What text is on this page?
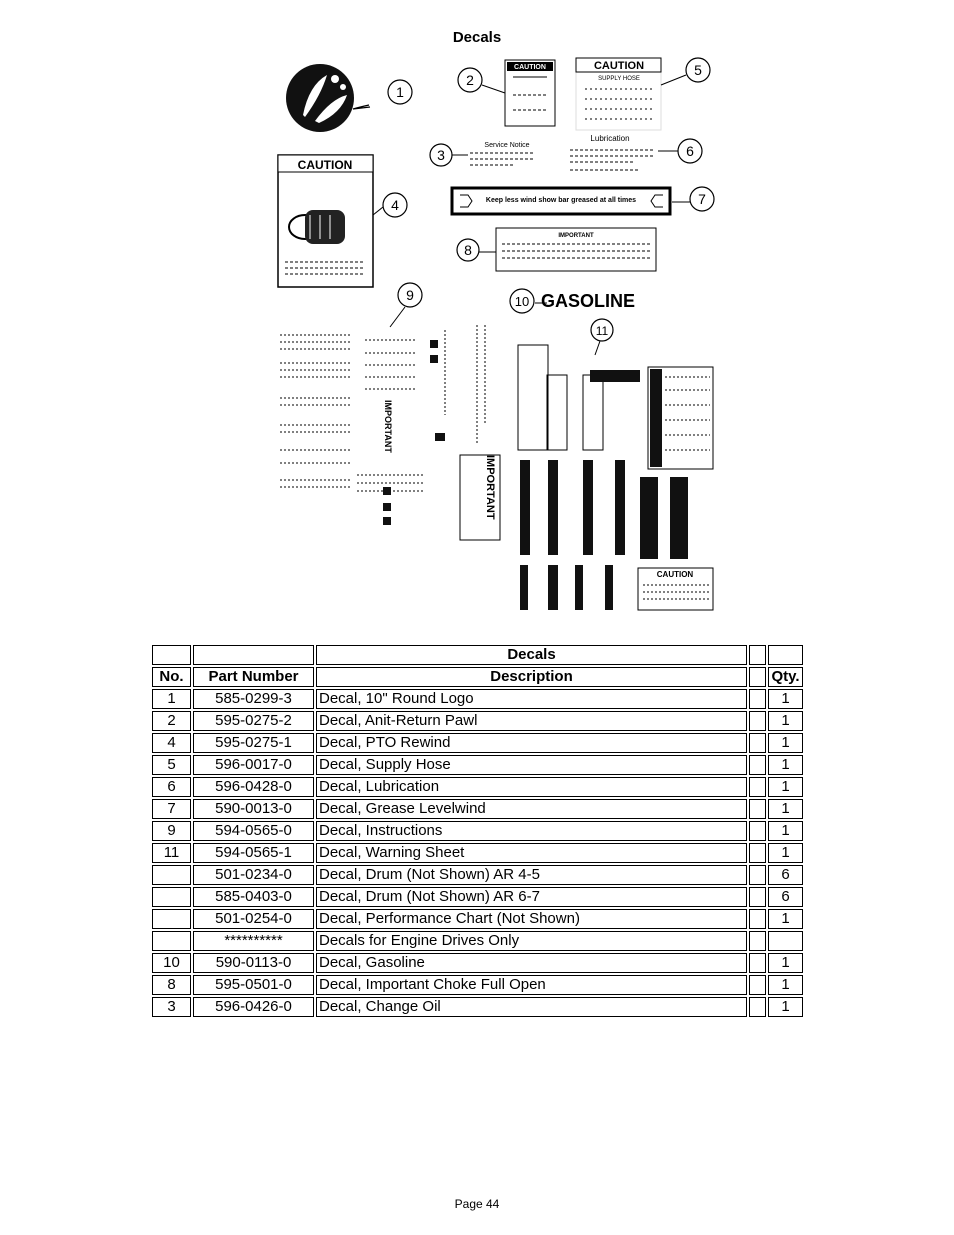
Decals
1
CAUTION
2
CAUTION
SUPPLY HOSE
5
Service Notice
3
Lubrication
6
CAUTION
4	Keep less wind show bar greased at all times	7
IMPORTANT
8
GASOLINE
10
IMPORTANT
IMPORTANT
9
CAUTION
11
		Decals		
No.	Part Number	Description		Qty.
1	585-0299-3	Decal, 10" Round Logo		1
2	595-0275-2	Decal, Anit-Return Pawl		1
4	595-0275-1	Decal, PTO Rewind		1
5	596-0017-0	Decal, Supply Hose		1
6	596-0428-0	Decal, Lubrication		1
7	590-0013-0	Decal, Grease Levelwind		1
9	594-0565-0	Decal, Instructions		1
11	594-0565-1	Decal, Warning Sheet		1
	501-0234-0	Decal, Drum (Not Shown) AR 4-5		6
	585-0403-0	Decal, Drum (Not Shown) AR 6-7		6
	501-0254-0	Decal, Performance Chart (Not Shown)		1
	**********	Decals for Engine Drives Only		
10	590-0113-0	Decal, Gasoline		1
8	595-0501-0	Decal, Important Choke Full Open		1
3	596-0426-0	Decal, Change Oil		1
Page 44
